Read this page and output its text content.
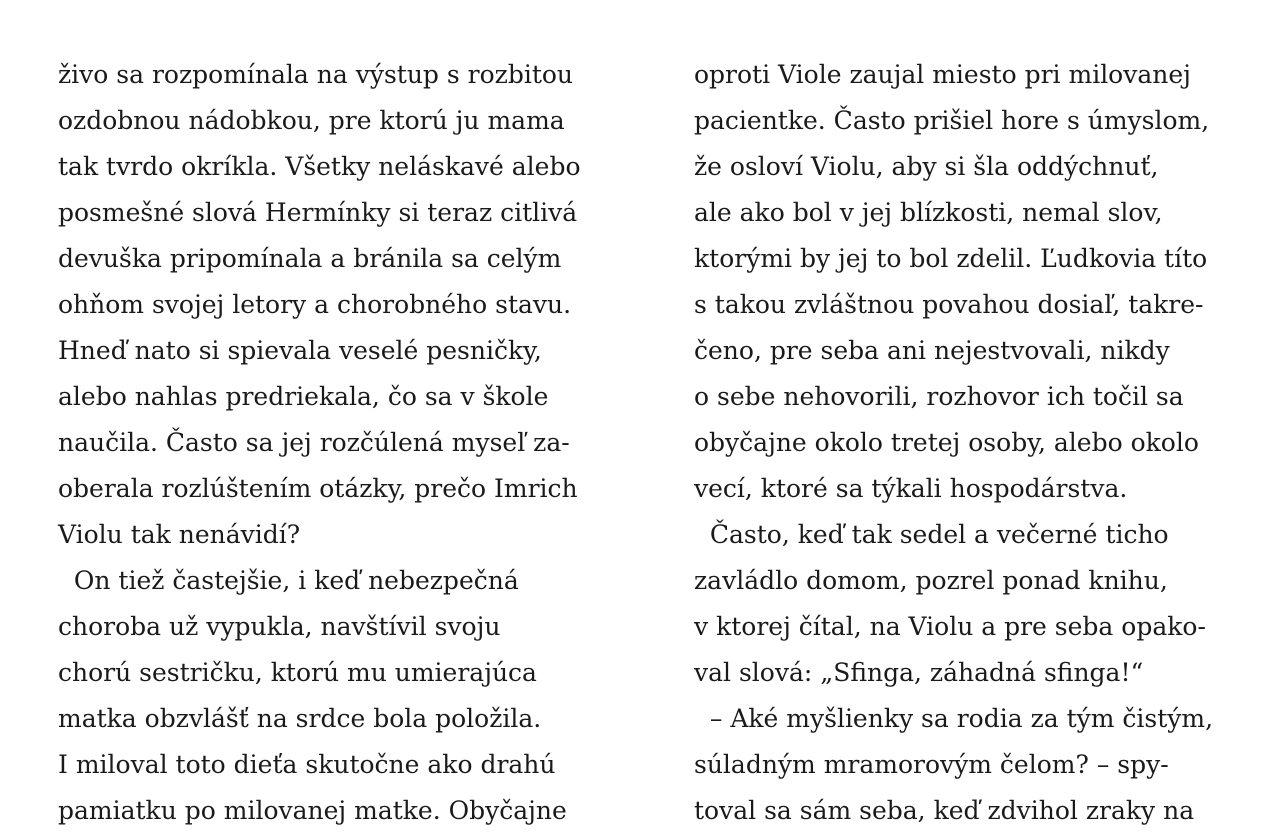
živo sa rozpomínala na výstup s rozbitou
ozdobnou nádobkou, pre ktorú ju mama
tak tvrdo okríkla. Všetky neláskavé alebo
posmešné slová Hermínky si teraz citlivá
devuška pripomínala a bránila sa celým
ohňom svojej letory a chorobného stavu.
Hneď nato si spievala veselé pesničky,
alebo nahlas predriekala, čo sa v škole
naučila. Často sa jej rozčúlená myseľ za-
oberala rozlúštením otázky, prečo Imrich
Violu tak nenávidí?
On tiež častejšie, i keď nebezpečná
choroba už vypukla, navštívil svoju
chorú sestričku, ktorú mu umierajúca
matka obzvlášť na srdce bola položila.
I miloval toto dieťa skutočne ako drahú
pamiatku po milovanej matke. Obyčajne
oproti Viole zaujal miesto pri milovanej
pacientke. Často prišiel hore s úmyslom,
že osloví Violu, aby si šla oddýchnuť,
ale ako bol v jej blízkosti, nemal slov,
ktorými by jej to bol zdelil. Ľudkovia títo
s takou zvláštnou povahou dosiaľ, takre-
čeno, pre seba ani nejestvovali, nikdy
o sebe nehovorili, rozhovor ich točil sa
obyčajne okolo tretej osoby, alebo okolo
vecí, ktoré sa týkali hospodárstva.
Často, keď tak sedel a večerné ticho
zavládlo domom, pozrel ponad knihu,
v ktorej čítal, na Violu a pre seba opako-
val slová: „Sfinga, záhadná sfinga!“
– Aké myšlienky sa rodia za tým čistým,
súladným mramorovým čelom? – spy-
toval sa sám seba, keď zdvihol zraky na
